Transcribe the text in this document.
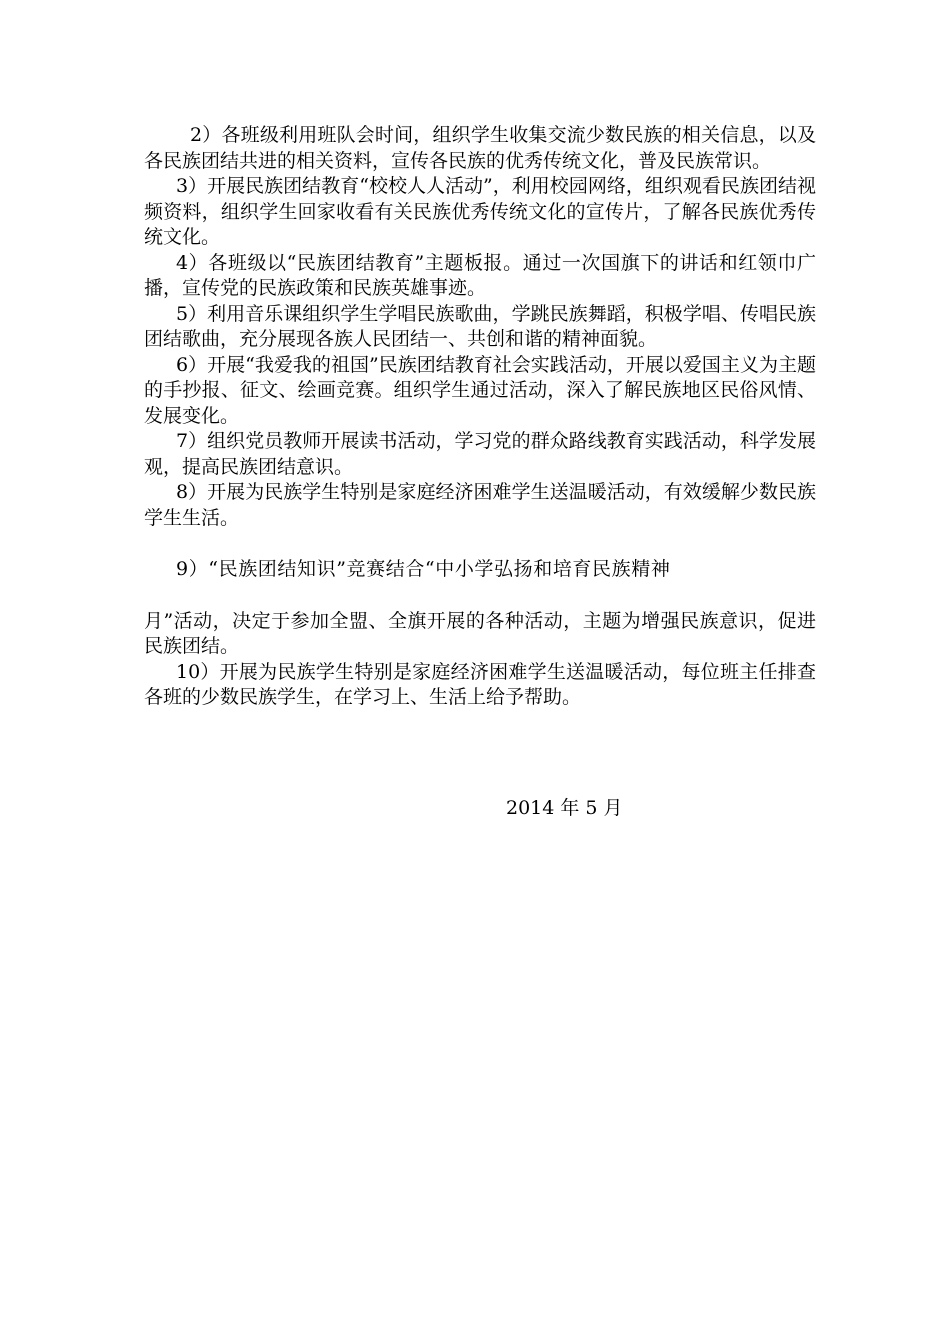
2）各班级利用班队会时间，组织学生收集交流少数民族的相关信息，以及各民族团结共进的相关资料，宣传各民族的优秀传统文化，普及民族常识。

3）开展民族团结教育“校校人人活动”，利用校园网络，组织观看民族团结视频资料，组织学生回家收看有关民族优秀传统文化的宣传片，了解各民族优秀传统文化。

4）各班级以“民族团结教育”主题板报。通过一次国旗下的讲话和红领巾广播，宣传党的民族政策和民族英雄事迹。

5）利用音乐课组织学生学唱民族歌曲，学跳民族舞蹈，积极学唱、传唱民族团结歌曲，充分展现各族人民团结一、共创和谐的精神面貌。

6）开展“我爱我的祖国”民族团结教育社会实践活动，开展以爱国主义为主题的手抄报、征文、绘画竞赛。组织学生通过活动，深入了解民族地区民俗风情、发展变化。

7）组织党员教师开展读书活动，学习党的群众路线教育实践活动，科学发展观，提高民族团结意识。

8）开展为民族学生特别是家庭经济困难学生送温暖活动，有效缓解少数民族学生生活。

9）“民族团结知识”竞赛结合“中小学弘扬和培育民族精神

月”活动，决定于参加全盟、全旗开展的各种活动，主题为增强民族意识，促进民族团结。

10）开展为民族学生特别是家庭经济困难学生送温暖活动，每位班主任排查各班的少数民族学生，在学习上、生活上给予帮助。

2014 年 5 月
